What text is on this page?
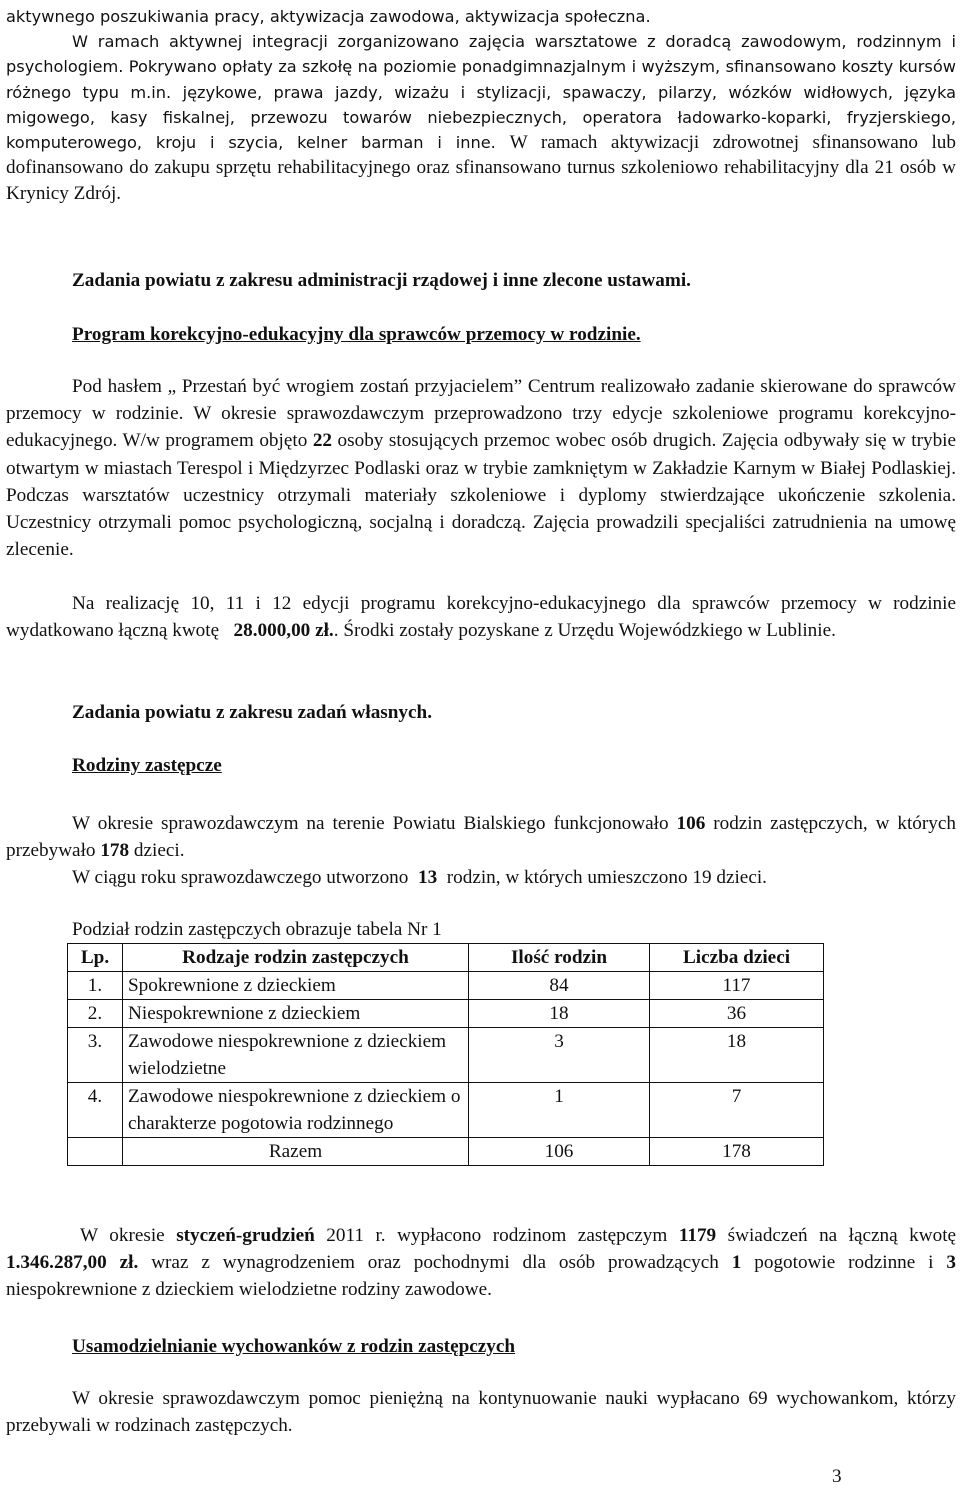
aktywnego poszukiwania pracy, aktywizacja zawodowa, aktywizacja społeczna.

W ramach aktywnej integracji zorganizowano zajęcia warsztatowe z doradcą zawodowym, rodzinnym i psychologiem. Pokrywano opłaty za szkołę na poziomie ponadgimnazjalnym i wyższym, sfinansowano koszty kursów różnego typu m.in. językowe, prawa jazdy, wizażu i stylizacji, spawaczy, pilarzy, wózków widłowych, języka migowego, kasy fiskalnej, przewozu towarów niebezpiecznych, operatora ładowarko-koparki, fryzjerskiego, komputerowego, kroju i szycia, kelner barman i inne. W ramach aktywizacji zdrowotnej sfinansowano lub dofinansowano do zakupu sprzętu rehabilitacyjnego oraz sfinansowano turnus szkoleniowo rehabilitacyjny dla 21 osób w Krynicy Zdrój.

Zadania powiatu z zakresu administracji rządowej i inne zlecone ustawami.

Program korekcyjno-edukacyjny dla sprawców przemocy w rodzinie.

Pod hasłem „ Przestań być wrogiem zostań przyjacielem” Centrum realizowało zadanie skierowane do sprawców przemocy w rodzinie. W okresie sprawozdawczym przeprowadzono trzy edycje szkoleniowe programu korekcyjno-edukacyjnego. W/w programem objęto 22 osoby stosujących przemoc wobec osób drugich. Zajęcia odbywały się w trybie otwartym w miastach Terespol i Międzyrzec Podlaski oraz w trybie zamkniętym w Zakładzie Karnym w Białej Podlaskiej. Podczas warsztatów uczestnicy otrzymali materiały szkoleniowe i dyplomy stwierdzające ukończenie szkolenia. Uczestnicy otrzymali pomoc psychologiczną, socjalną i doradczą. Zajęcia prowadzili specjaliści zatrudnienia na umowę zlecenie.

Na realizację 10, 11 i 12 edycji programu korekcyjno-edukacyjnego dla sprawców przemocy w rodzinie wydatkowano łączną kwotę 28.000,00 zł.. Środki zostały pozyskane z Urzędu Wojewódzkiego w Lublinie.

Zadania powiatu z zakresu zadań własnych.

Rodziny zastępcze

W okresie sprawozdawczym na terenie Powiatu Bialskiego funkcjonowało 106 rodzin zastępczych, w których przebywało 178 dzieci.

W ciągu roku sprawozdawczego utworzono 13 rodzin, w których umieszczono 19 dzieci.

Podział rodzin zastępczych obrazuje tabela Nr 1

Lp.	Rodzaje rodzin zastępczych	Ilość rodzin	Liczba dzieci
1.	Spokrewnione z dzieckiem	84	117
2.	Niespokrewnione z dzieckiem	18	36
3.	Zawodowe niespokrewnione z dzieckiem wielodzietne	3	18
4.	Zawodowe niespokrewnione z dzieckiem o charakterze pogotowia rodzinnego	1	7
	Razem	106	178

W okresie styczeń-grudzień 2011 r. wypłacono rodzinom zastępczym 1179 świadczeń na łączną kwotę 1.346.287,00 zł. wraz z wynagrodzeniem oraz pochodnymi dla osób prowadzących 1 pogotowie rodzinne i 3 niespokrewnione z dzieckiem wielodzietne rodziny zawodowe.

Usamodzielnianie wychowanków z rodzin zastępczych

W okresie sprawozdawczym pomoc pieniężną na kontynuowanie nauki wypłacano 69 wychowankom, którzy przebywali w rodzinach zastępczych.

3
